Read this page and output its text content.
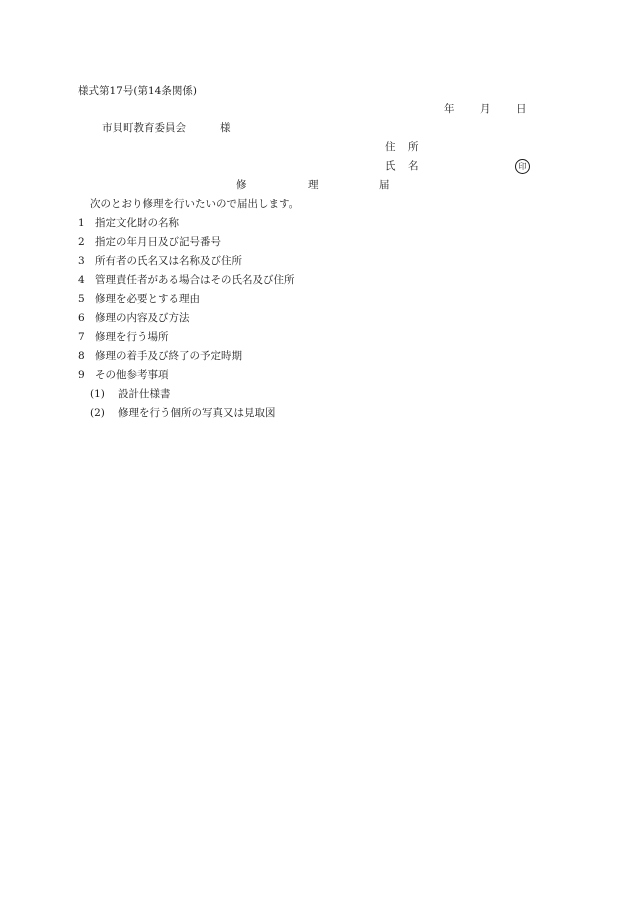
様式第17号(第14条関係)
年 月 日
市貝町教育委員会	様
住 所
氏 名	印
修	理	届
次のとおり修理を行いたいので届出します。
1 指定文化財の名称
2 指定の年月日及び記号番号
3 所有者の氏名又は名称及び住所
4 管理責任者がある場合はその氏名及び住所
5 修理を必要とする理由
6 修理の内容及び方法
7 修理を行う場所
8 修理の着手及び終了の予定時期
9 その他参考事項
(1) 設計仕様書
(2) 修理を行う個所の写真又は見取図
